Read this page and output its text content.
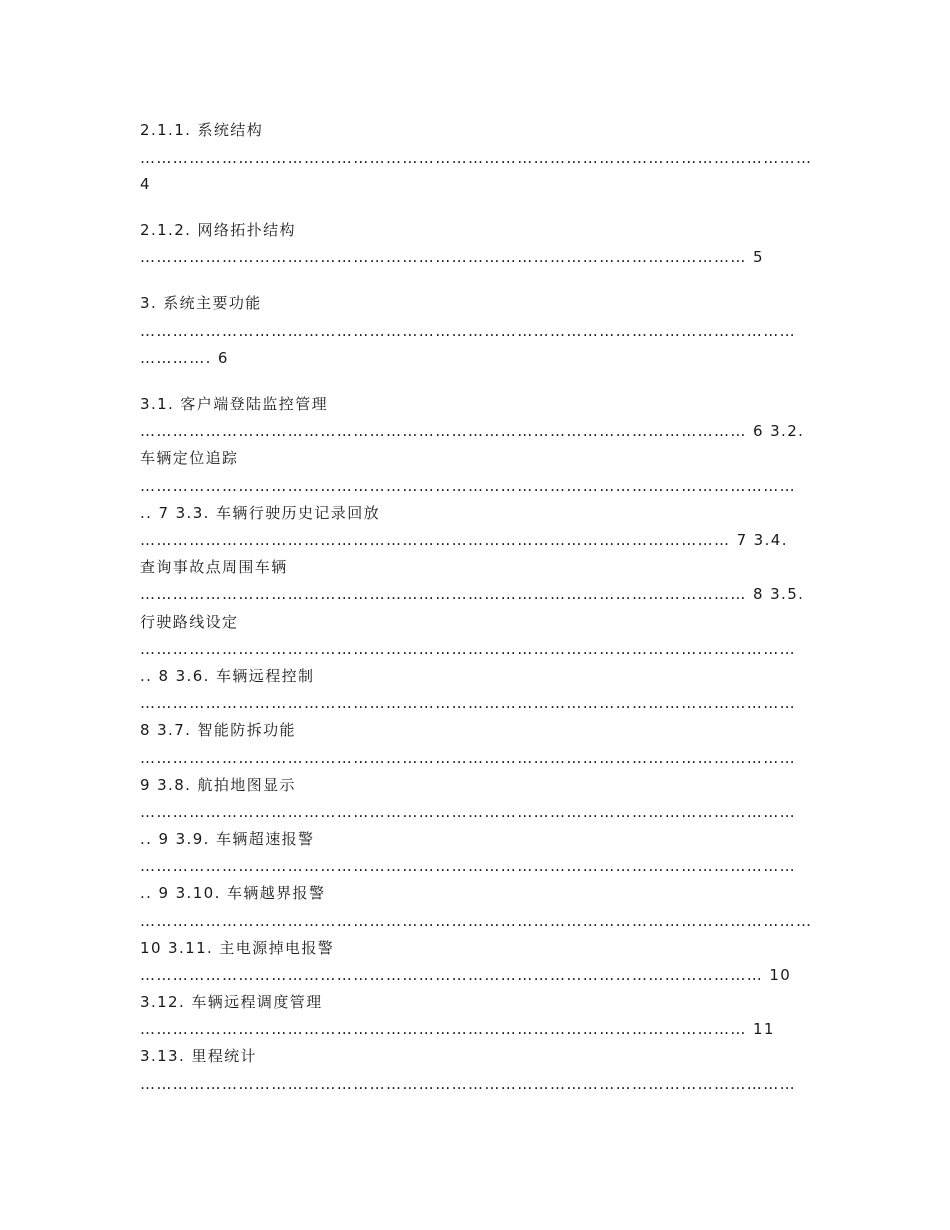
2.1.1. 系统结构
……………………………………………………………………………………………………………
4
2.1.2. 网络拓扑结构
………………………………………………………………………………………………… 5
3. 系统主要功能
…………………………………………………………………………………………………………
…………. 6
3.1. 客户端登陆监控管理
………………………………………………………………………………………………… 6 3.2.
车辆定位追踪
…………………………………………………………………………………………………………
.. 7 3.3. 车辆行驶历史记录回放
……………………………………………………………………………………………… 7 3.4.
查询事故点周围车辆
………………………………………………………………………………………………… 8 3.5.
行驶路线设定
…………………………………………………………………………………………………………
.. 8 3.6. 车辆远程控制
…………………………………………………………………………………………………………
8 3.7. 智能防拆功能
…………………………………………………………………………………………………………
9 3.8. 航拍地图显示
…………………………………………………………………………………………………………
.. 9 3.9. 车辆超速报警
…………………………………………………………………………………………………………
.. 9 3.10. 车辆越界报警
……………………………………………………………………………………………………………
10 3.11. 主电源掉电报警
…………………………………………………………………………………………………… 10
3.12. 车辆远程调度管理
………………………………………………………………………………………………… 11
3.13. 里程统计
…………………………………………………………………………………………………………
